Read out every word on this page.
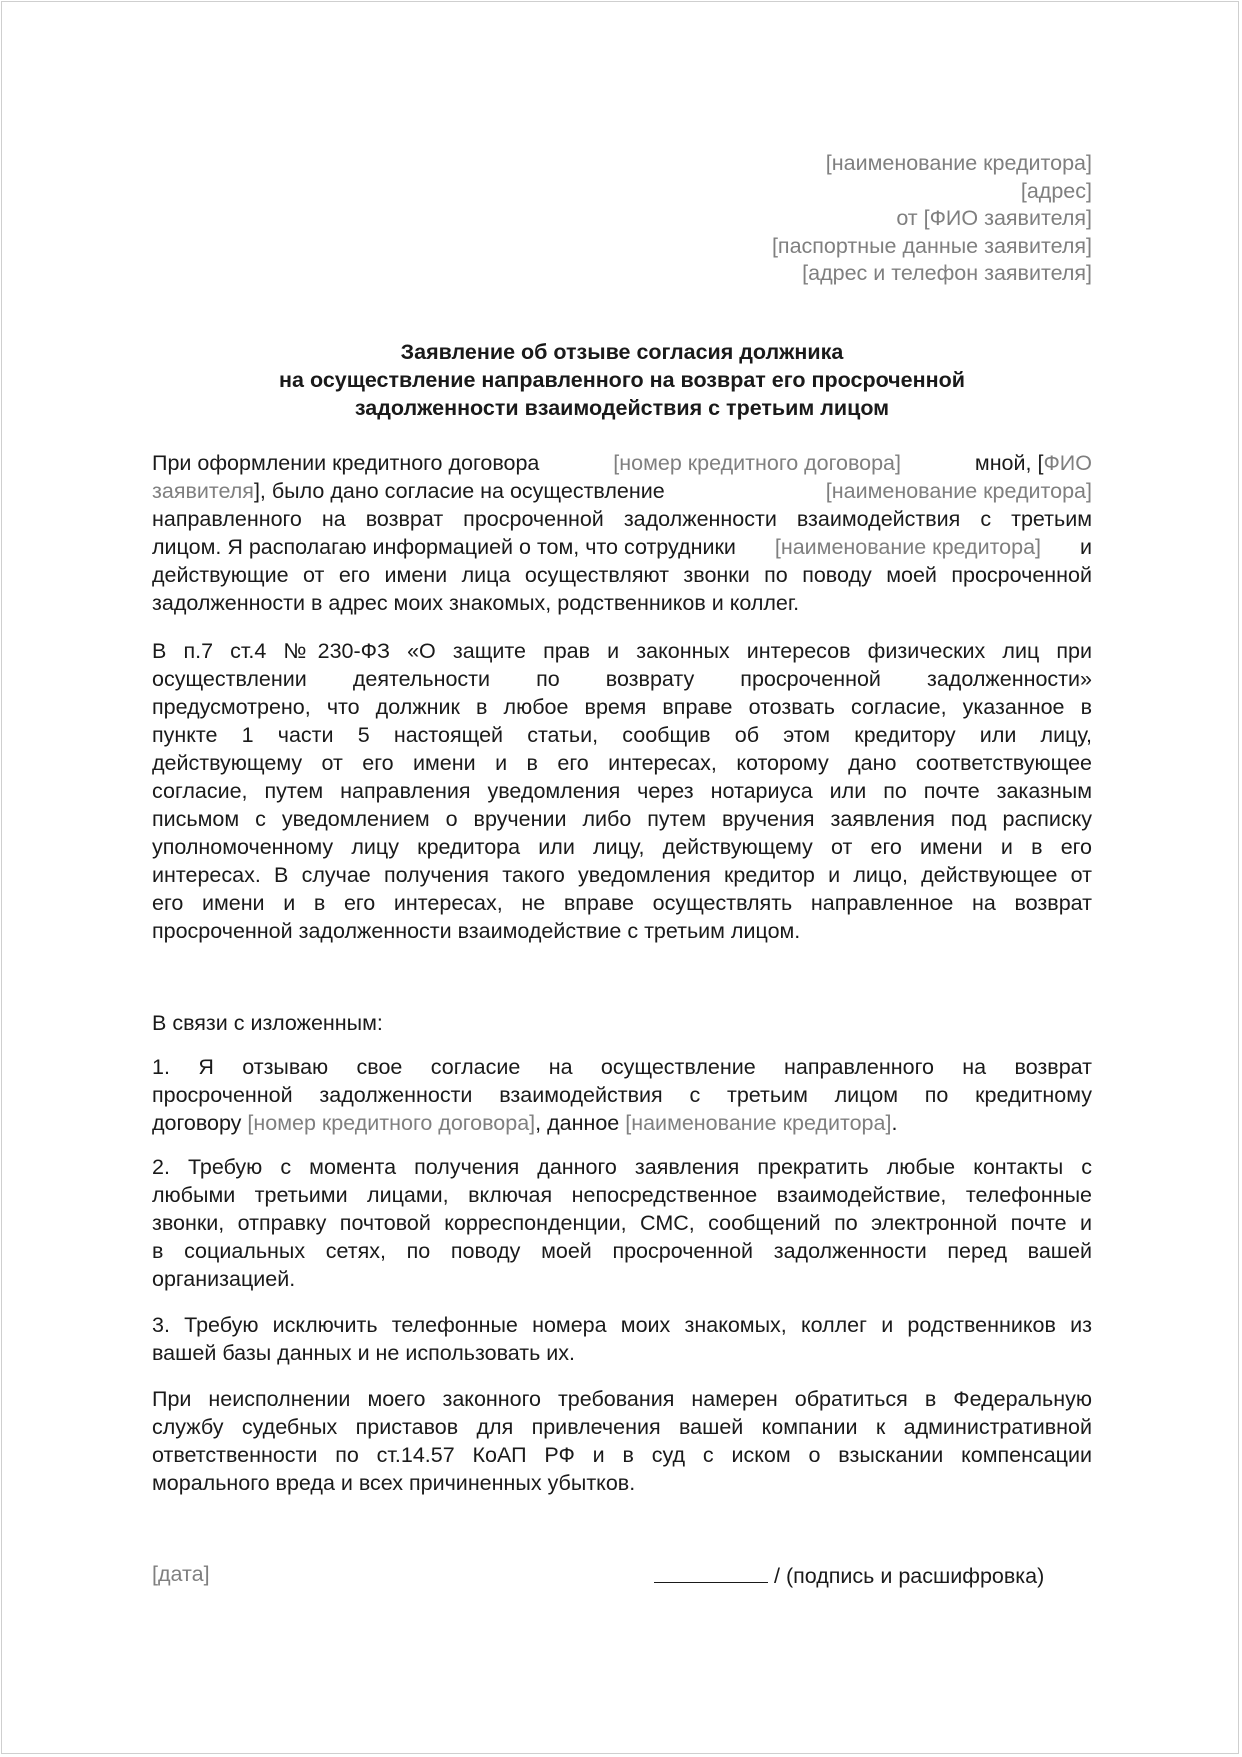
[наименование кредитора]
[адрес]
от [ФИО заявителя]
[паспортные данные заявителя]
[адрес и телефон заявителя]
Заявление об отзыве согласия должника
на осуществление направленного на возврат его просроченной
задолженности взаимодействия с третьим лицом
При оформлении кредитного договора	[номер кредитного договора]	мной, [ФИО
заявителя], было дано согласие на осуществление	[наименование кредитора]
направленного на возврат просроченной задолженности взаимодействия с третьим
лицом. Я располагаю информацией о том, что сотрудники [наименование кредитора] и
действующие от его имени лица осуществляют звонки по поводу моей просроченной
задолженности в адрес моих знакомых, родственников и коллег.
В п.7 ст.4 №230-ФЗ «О защите прав и законных интересов физических лиц при
осуществлении деятельности по возврату просроченной задолженности»
предусмотрено, что должник в любое время вправе отозвать согласие, указанное в
пункте 1 части 5 настоящей статьи, сообщив об этом кредитору или лицу,
действующему от его имени и в его интересах, которому дано соответствующее
согласие, путем направления уведомления через нотариуса или по почте заказным
письмом с уведомлением о вручении либо путем вручения заявления под расписку
уполномоченному лицу кредитора или лицу, действующему от его имени и в его
интересах. В случае получения такого уведомления кредитор и лицо, действующее от
его имени и в его интересах, не вправе осуществлять направленное на возврат
просроченной задолженности взаимодействие с третьим лицом.
В связи с изложенным:
1. Я отзываю свое согласие на осуществление направленного на возврат
просроченной задолженности взаимодействия с третьим лицом по кредитному
договору [номер кредитного договора], данное [наименование кредитора].
2. Требую с момента получения данного заявления прекратить любые контакты с
любыми третьими лицами, включая непосредственное взаимодействие, телефонные
звонки, отправку почтовой корреспонденции, СМС, сообщений по электронной почте и
в социальных сетях, по поводу моей просроченной задолженности перед вашей
организацией.
3. Требую исключить телефонные номера моих знакомых, коллег и родственников из
вашей базы данных и не использовать их.
При неисполнении моего законного требования намерен обратиться в Федеральную
службу судебных приставов для привлечения вашей компании к административной
ответственности по ст.14.57 КоАП РФ и в суд с иском о взыскании компенсации
морального вреда и всех причиненных убытков.
[дата]	/ (подпись и расшифровка)
